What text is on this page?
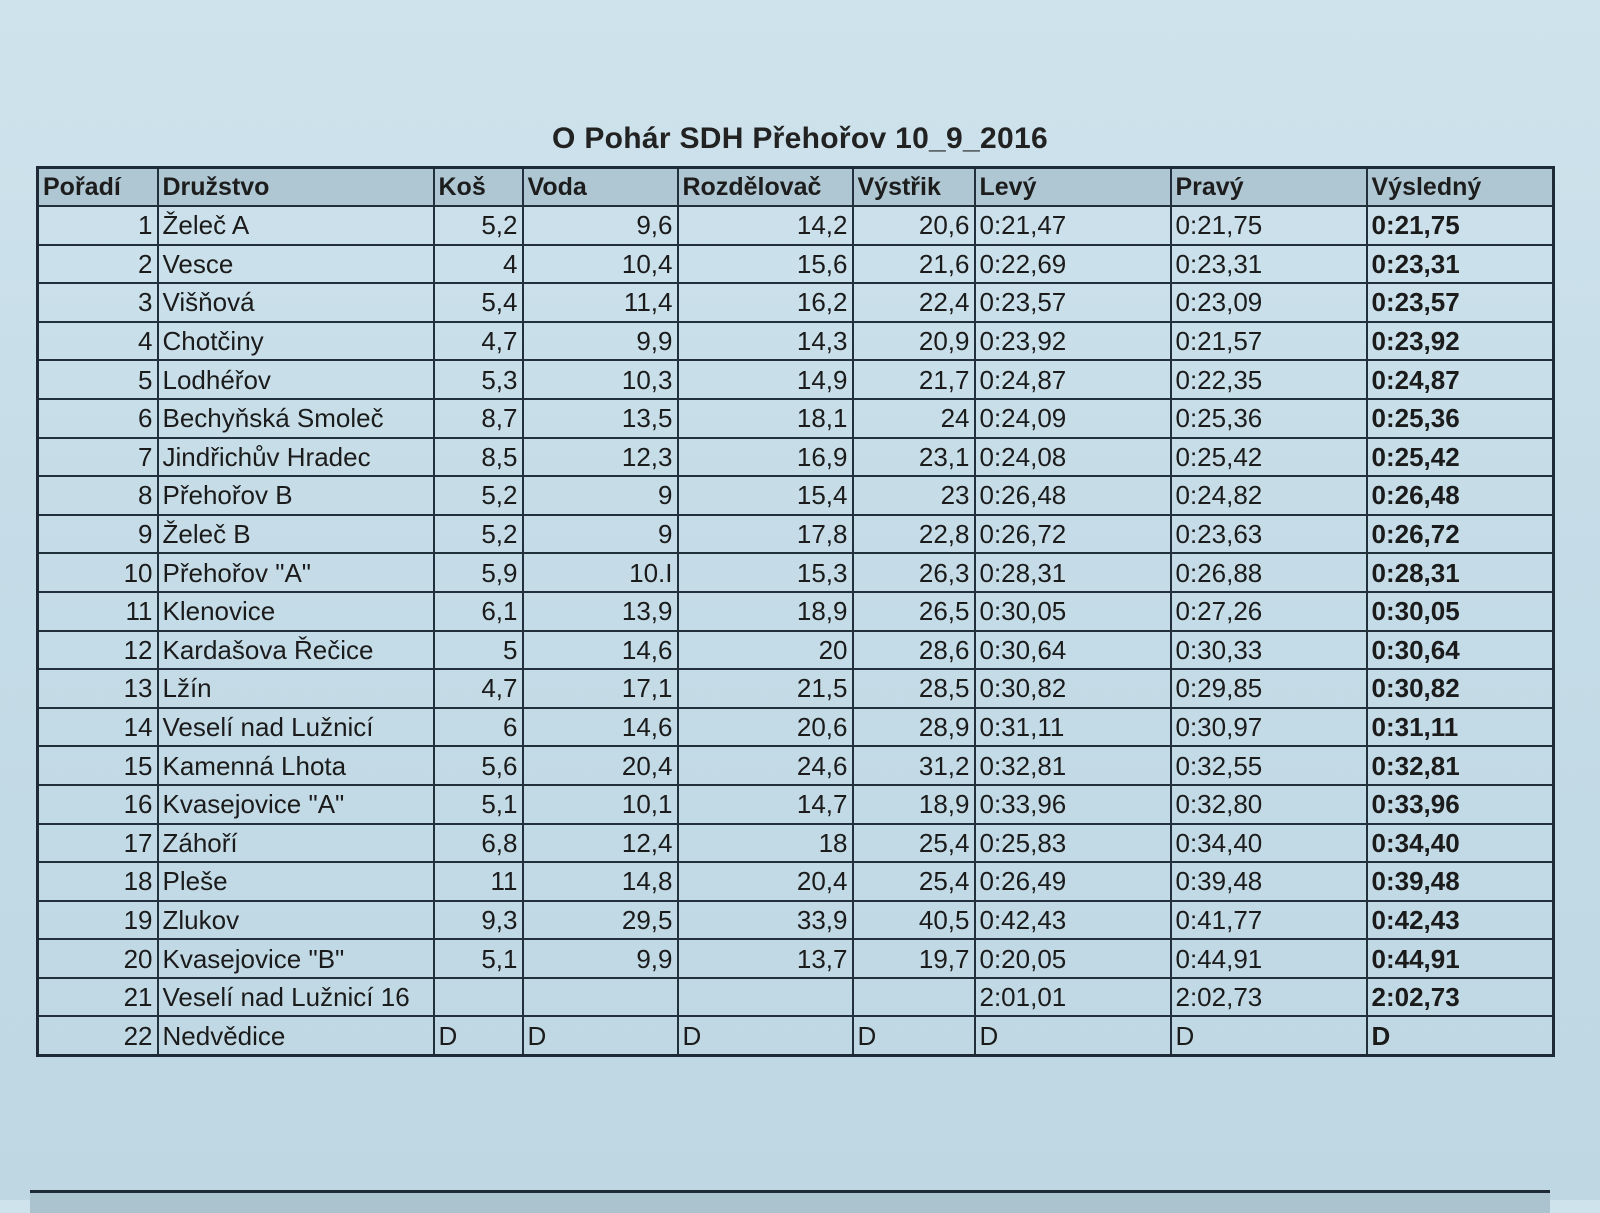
O Pohár SDH Přehořov 10_9_2016
Pořadí	Družstvo	Koš	Voda	Rozdělovač	Výstřik	Levý	Pravý	Výsledný
1	Želeč A	5,2	9,6	14,2	20,6	0:21,47	0:21,75	0:21,75
2	Vesce	4	10,4	15,6	21,6	0:22,69	0:23,31	0:23,31
3	Višňová	5,4	11,4	16,2	22,4	0:23,57	0:23,09	0:23,57
4	Chotčiny	4,7	9,9	14,3	20,9	0:23,92	0:21,57	0:23,92
5	Lodhéřov	5,3	10,3	14,9	21,7	0:24,87	0:22,35	0:24,87
6	Bechyňská Smoleč	8,7	13,5	18,1	24	0:24,09	0:25,36	0:25,36
7	Jindřichův Hradec	8,5	12,3	16,9	23,1	0:24,08	0:25,42	0:25,42
8	Přehořov B	5,2	9	15,4	23	0:26,48	0:24,82	0:26,48
9	Želeč B	5,2	9	17,8	22,8	0:26,72	0:23,63	0:26,72
10	Přehořov "A"	5,9	10.I	15,3	26,3	0:28,31	0:26,88	0:28,31
11	Klenovice	6,1	13,9	18,9	26,5	0:30,05	0:27,26	0:30,05
12	Kardašova Řečice	5	14,6	20	28,6	0:30,64	0:30,33	0:30,64
13	Lžín	4,7	17,1	21,5	28,5	0:30,82	0:29,85	0:30,82
14	Veselí nad Lužnicí	6	14,6	20,6	28,9	0:31,11	0:30,97	0:31,11
15	Kamenná Lhota	5,6	20,4	24,6	31,2	0:32,81	0:32,55	0:32,81
16	Kvasejovice "A"	5,1	10,1	14,7	18,9	0:33,96	0:32,80	0:33,96
17	Záhoří	6,8	12,4	18	25,4	0:25,83	0:34,40	0:34,40
18	Pleše	11	14,8	20,4	25,4	0:26,49	0:39,48	0:39,48
19	Zlukov	9,3	29,5	33,9	40,5	0:42,43	0:41,77	0:42,43
20	Kvasejovice "B"	5,1	9,9	13,7	19,7	0:20,05	0:44,91	0:44,91
21	Veselí nad Lužnicí 16					2:01,01	2:02,73	2:02,73
22	Nedvědice	D	D	D	D	D	D	D
